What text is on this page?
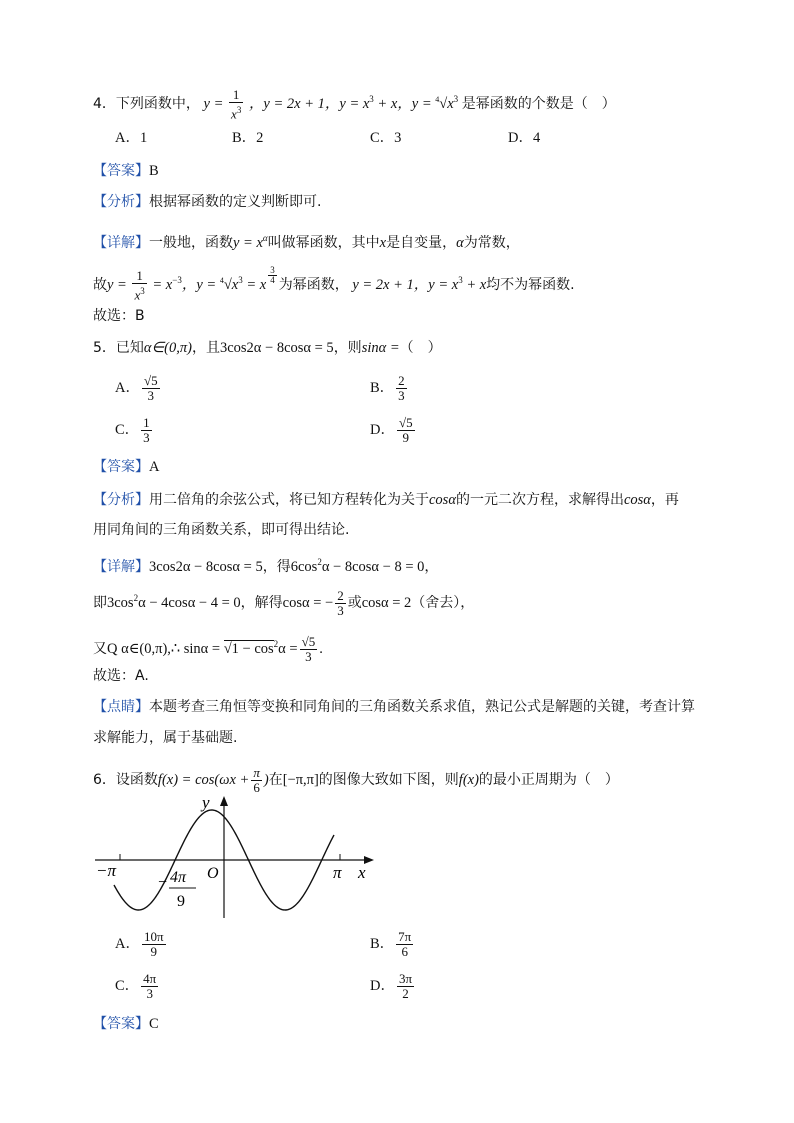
4．下列函数中， $y = \frac{1}{x^3}$ ，y = 2x + 1，$y = x^3 + x$，$y = ^4√x^3$ 是幂函数的个数是（　）
A．1	B．2	C．3	D．4
【答案】B
【分析】根据幂函数的定义判断即可.
【详解】一般地，函数$y = x^\alpha$叫做幂函数，其中x是自变量，α为常数，
故$y = \frac{1}{x^3} = x^{-3}$，$y = ^4√x^3 = x \frac{3}{4}$ 为幂函数， y = 2x + 1，$y = x^3 + x$均不为幂函数.
故选：B
5．已知α∈(0,π)，且3cos2α − 8cosα = 5，则sinα =（　）
A． $\frac{√5}{3}$	B． $\frac{2}{3}$
C． $\frac{1}{3}$	D． $\frac{√5}{9}$
【答案】A
【分析】用二倍角的余弦公式，将已知方程转化为关于cosα的一元二次方程，求解得出cosα，再
用同角间的三角函数关系，即可得出结论.
【详解】3cos2α − 8cosα = 5，得$6\cos^2\alpha - 8\cos\alpha - 8 = 0$，
即$3\cos^2\alpha - 4\cos\alpha - 4 = 0$，解得cosα = − $\frac{2}{3}$ 或cosα = 2（舍去），
又Q α∈(0,π),∴ $\sin\alpha = √1 - \cos^2\alpha = \frac{√5}{3}$ .
故选：A.
【点睛】本题考查三角恒等变换和同角间的三角函数关系求值，熟记公式是解题的关键，考查计算
求解能力，属于基础题.
6．设函数$f(x) = \cos(\omega x + \frac{\pi}{6}$ )在[−π,π]的图像大致如下图，则f(x)的最小正周期为（　）
y
x
O
−π	π
− 4π
9
A． $\frac{10\pi}{9}$	B． $\frac{7\pi}{6}$
C． $\frac{4\pi}{3}$	D． $\frac{3\pi}{2}$
【答案】C
